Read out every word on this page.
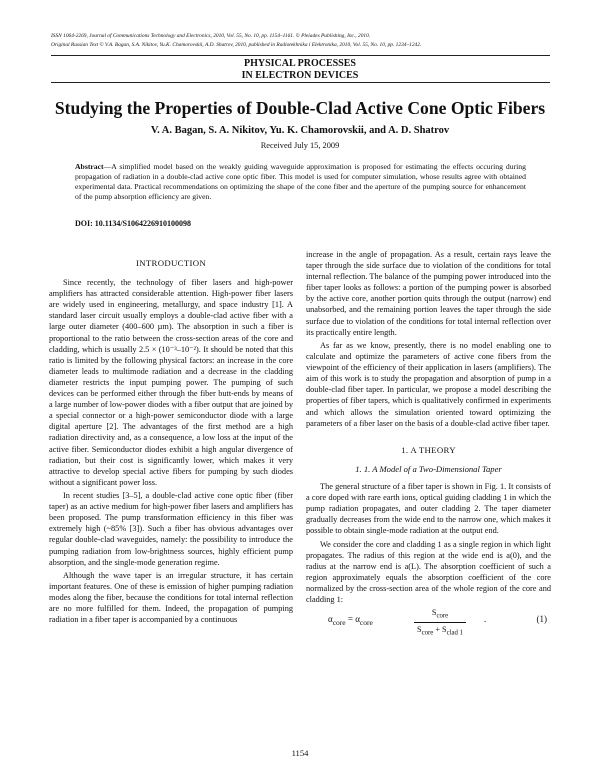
ISSN 1064-2269, Journal of Communications Technology and Electronics, 2010, Vol. 55, No. 10, pp. 1154–1161. © Pleiades Publishing, Inc., 2010.
Original Russian Text © V.A. Bagan, S.A. Nikitov, Yu.K. Chamorovskii, A.D. Shatrov, 2010, published in Radiotekhnika i Elektronika, 2010, Vol. 55, No. 10, pp. 1234–1242.
PHYSICAL PROCESSES
IN ELECTRON DEVICES
Studying the Properties of Double-Clad Active Cone Optic Fibers
V. A. Bagan, S. A. Nikitov, Yu. K. Chamorovskii, and A. D. Shatrov
Received July 15, 2009
Abstract—A simplified model based on the weakly guiding waveguide approximation is proposed for estimating the effects occuring during propagation of radiation in a double-clad active cone optic fiber. This model is used for computer simulation, whose results agree with obtained experimental data. Practical recommendations on optimizing the shape of the cone fiber and the aperture of the pumping source for enhancement of the pump absorption efficiency are given.
DOI: 10.1134/S1064226910100098
INTRODUCTION

Since recently, the technology of fiber lasers and high-power amplifiers has attracted considerable attention. High-power fiber lasers are widely used in engineering, metallurgy, and space industry [1]. A standard laser circuit usually employs a double-clad active fiber with a large outer diameter (400–600 µm). The absorption in such a fiber is proportional to the ratio between the cross-section areas of the core and cladding, which is usually 2.5 × (10⁻³–10⁻²). It should be noted that this ratio is limited by the following physical factors: an increase in the core diameter leads to multimode radiation and a decrease in the cladding diameter restricts the input pumping power. The pumping of such devices can be performed either through the fiber butt-ends by means of a large number of low-power diodes with a fiber output that are joined by a special connector or a high-power semiconductor diode with a large digital aperture [2]. The advantages of the first method are a high radiation directivity and, as a consequence, a low loss at the input of the active fiber. Semiconductor diodes exhibit a high angular divergence of radiation, but their cost is significantly lower, which makes it very attractive to develop special active fibers for pumping by such diodes without a significant power loss.

In recent studies [3–5], a double-clad active cone optic fiber (fiber taper) as an active medium for high-power fiber lasers and amplifiers has been proposed. The pump transformation efficiency in this fiber was extremely high (~85% [3]). Such a fiber has obvious advantages over regular double-clad waveguides, namely: the possibility to introduce the pumping radiation from low-brightness sources, highly efficient pump absorption, and the single-mode generation regime.

Although the wave taper is an irregular structure, it has certain important features. One of these is emission of higher pumping radiation modes along the fiber, because the conditions for total internal reflection are no more fulfilled for them. Indeed, the propagation of pumping radiation in a fiber taper is accompanied by a continuous

increase in the angle of propagation. As a result, certain rays leave the taper through the side surface due to violation of the conditions for total internal reflection. The balance of the pumping power introduced into the fiber taper looks as follows: a portion of the pumping power is absorbed by the active core, another portion quits through the output (narrow) end unabsorbed, and the remaining portion leaves the taper through the side surface due to violation of the conditions for total internal reflection over its practically entire length.

As far as we know, presently, there is no model enabling one to calculate and optimize the parameters of active cone fibers from the viewpoint of the efficiency of their application in lasers (amplifiers). The aim of this work is to study the propagation and absorption of pump in a double-clad fiber taper. In particular, we propose a model describing the properties of fiber tapers, which is qualitatively confirmed in experiments and which allows the simulation oriented toward optimizing the parameters of a fiber laser on the basis of a double-clad active fiber taper.

1. A THEORY
1. 1. A Model of a Two-Dimensional Taper

The general structure of a fiber taper is shown in Fig. 1. It consists of a core doped with rare earth ions, optical guiding cladding 1 in which the pump radiation propagates, and outer cladding 2. The taper diameter gradually decreases from the wide end to the narrow one, which makes it possible to obtain single-mode radiation at the output end.

We consider the core and cladding 1 as a single region in which light propagates. The radius of this region at the wide end is a(0), and the radius at the narrow end is a(L). The absorption coefficient of such a region approximately equals the absorption coefficient of the core normalized by the cross-section area of the whole region of the core and cladding 1:

$\alpha_{core} = \alpha_{core}$
$S_{core}$
$S_{core} + S_{clad 1}$
.	(1)
1154
